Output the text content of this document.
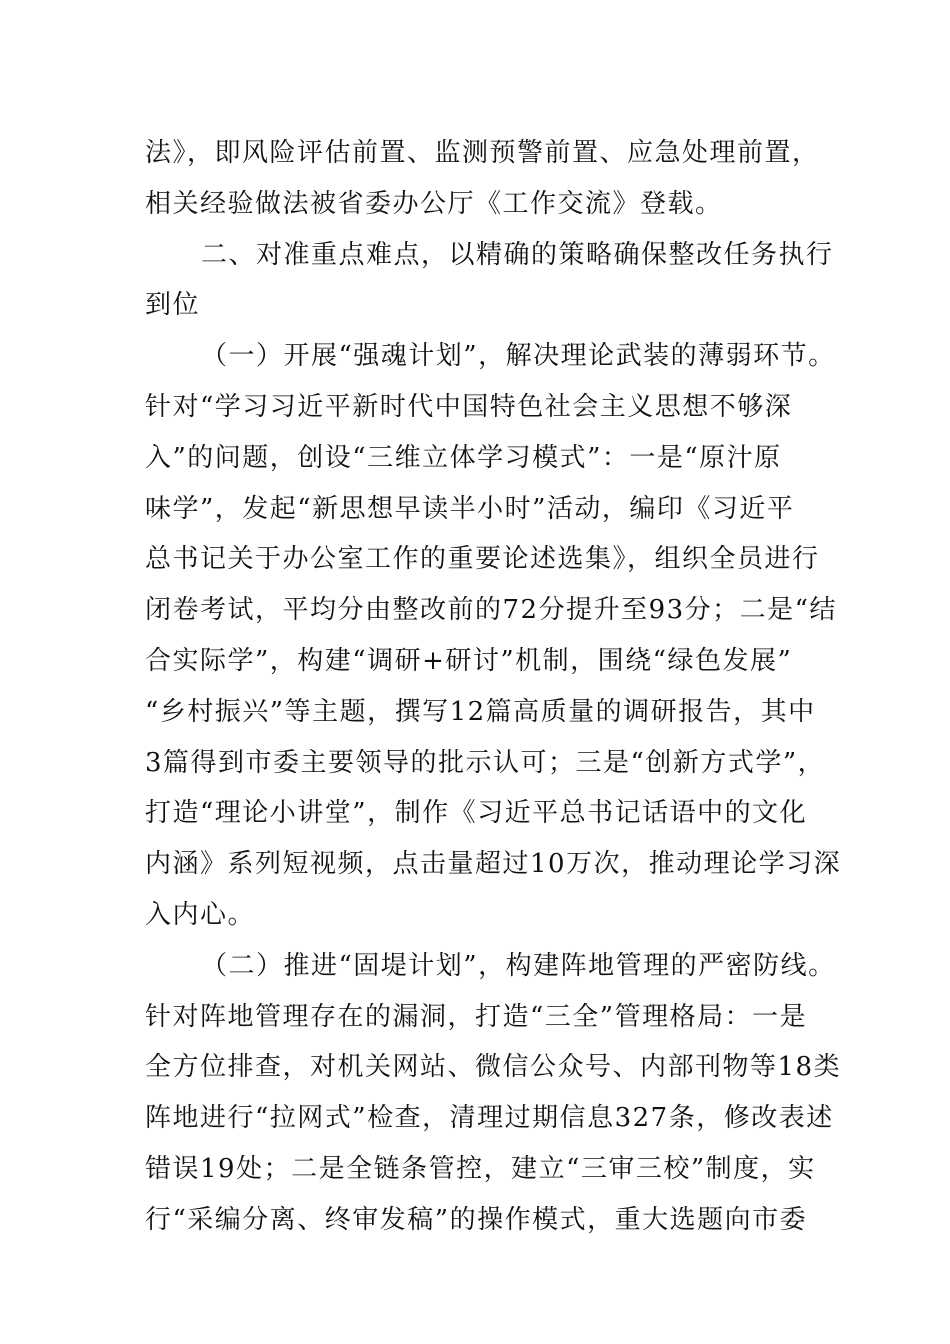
法》，即风险评估前置、监测预警前置、应急处理前置，
相关经验做法被省委办公厅《工作交流》登载。
二、对准重点难点，以精确的策略确保整改任务执行
到位
（一）开展“强魂计划”，解决理论武装的薄弱环节。
针对“学习习近平新时代中国特色社会主义思想不够深
入”的问题，创设“三维立体学习模式”：一是“原汁原
味学”，发起“新思想早读半小时”活动，编印《习近平
总书记关于办公室工作的重要论述选集》，组织全员进行
闭卷考试，平均分由整改前的72分提升至93分；二是“结
合实际学”，构建“调研+研讨”机制，围绕“绿色发展”
“乡村振兴”等主题，撰写12篇高质量的调研报告，其中
3篇得到市委主要领导的批示认可；三是“创新方式学”，
打造“理论小讲堂”，制作《习近平总书记话语中的文化
内涵》系列短视频，点击量超过10万次，推动理论学习深
入内心。
（二）推进“固堤计划”，构建阵地管理的严密防线。
针对阵地管理存在的漏洞，打造“三全”管理格局：一是
全方位排查，对机关网站、微信公众号、内部刊物等18类
阵地进行“拉网式”检查，清理过期信息327条，修改表述
错误19处；二是全链条管控，建立“三审三校”制度，实
行“采编分离、终审发稿”的操作模式，重大选题向市委
